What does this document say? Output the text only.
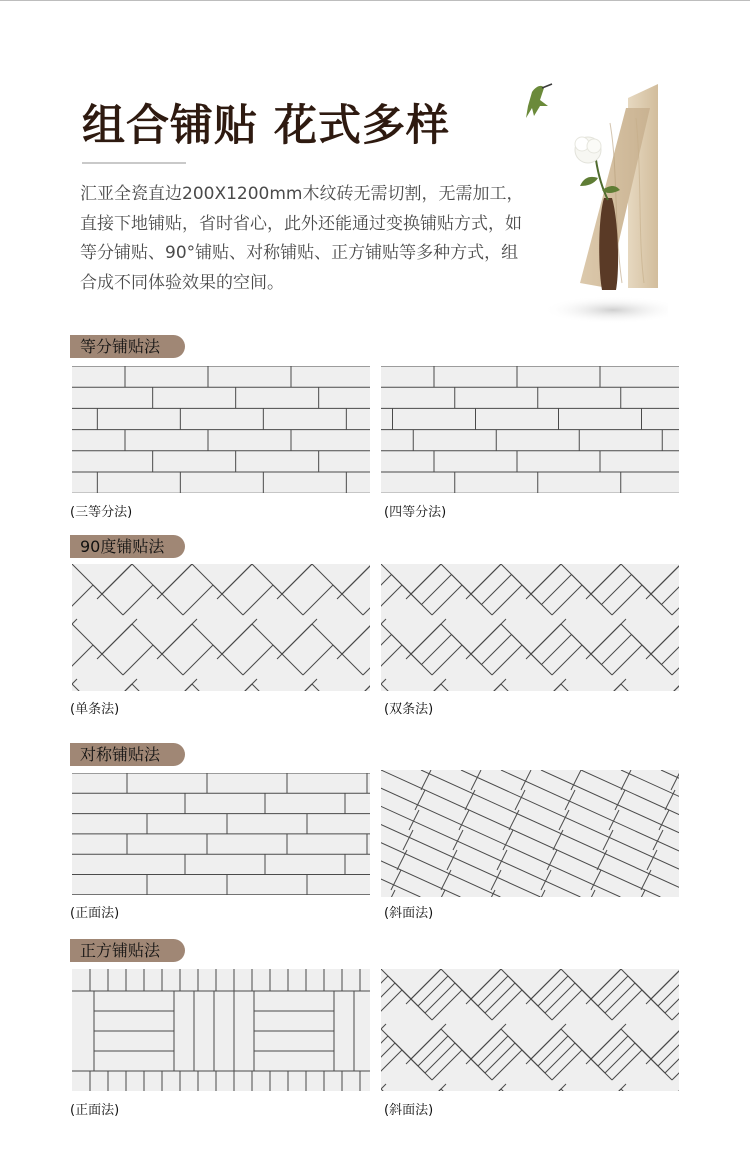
组合铺贴 花式多样

汇亚全瓷直边200X1200mm木纹砖无需切割，无需加工，直接下地铺贴，省时省心，此外还能通过变换铺贴方式，如等分铺贴、90°铺贴、对称铺贴、正方铺贴等多种方式，组合成不同体验效果的空间。

等分铺贴法
(三等分法)	(四等分法)
90度铺贴法
(单条法)	(双条法)
对称铺贴法
(正面法)	(斜面法)
正方铺贴法
(正面法)	(斜面法)
